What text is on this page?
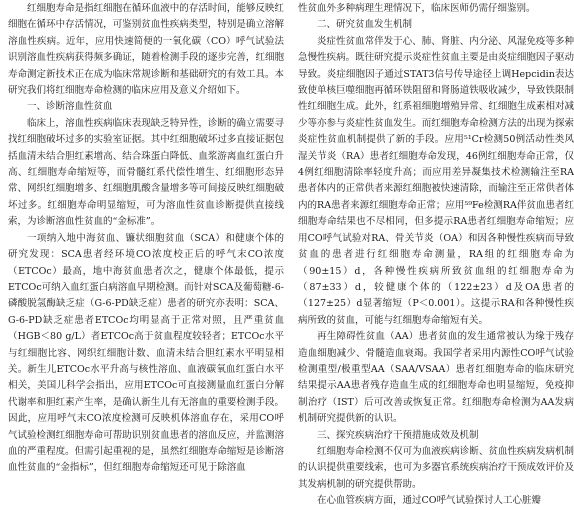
红细胞寿命是指红细胞在循环血液中的存活时间，能够反映红细胞在循环中存活情况，可鉴别贫血性疾病类型，特别是确立溶解溶血性疾病。近年，应用快速简便的一氧化碳（CO）呼气试验法识别溶血性疾病获得频多确证，随着检测手段的逐步完善，红细胞寿命测定新技术正在成为临床常规诊断和基础研究的有效工具。本研究我们将红细胞寿命检测的临床应用及意义介绍如下。

一、诊断溶血性贫血

临床上，溶血性疾病临床表现缺乏特异性，诊断的确立需要寻找红细胞破坏过多的实验室证据。其中红细胞破坏过多直接证据包括血清未结合胆红素增高、结合珠蛋白降低、血浆游离血红蛋白升高、红细胞寿命缩短等，而骨髓红系代偿性增生、红细胞形态异常、网织红细胞增多、红细胞肌酸含量增多等可间接反映红细胞破坏过多。红细胞寿命明显缩短，可为溶血性贫血诊断提供直接线索，为诊断溶血性贫血的“金标准”。

一项纳入地中海贫血、镰状细胞贫血（SCA）和健康个体的研究发现：SCA患者经环境CO浓度校正后的呼气末CO浓度（ETCOc）最高，地中海贫血患者次之，健康个体最低，提示ETCOc可纳入血红蛋白病溶血早期检测。而针对SCA及葡萄糖-6-磷酸脱氢酶缺乏症（G-6-PD缺乏症）患者的研究亦表明：SCA、G-6-PD缺乏症患者ETCOc均明显高于正常对照，且严重贫血（HGB＜80 g/L）者ETCOc高于贫血程度较轻者；ETCOc水平与红细胞比容、网织红细胞计数、血清未结合胆红素水平明显相关。新生儿ETCOc水平升高与核性溶血、血液碳氧血红蛋白水平相关，美国儿科学会指出，应用ETCOc可直接测量血红蛋白分解代谢率和胆红素产生率，是确认新生儿有无溶血的重要检测手段。因此，应用呼气末CO浓度检测可反映机体溶血存在，采用CO呼气试验检测红细胞寿命可帮助识别贫血患者的溶血反应，并监测溶血的严重程度。但需引起重视的是，虽然红细胞寿命缩短是诊断溶血性贫血的“金指标”，但红细胞寿命缩短还可见于除溶血

性贫血外多种病理生理情况下，临床医师仍需仔细鉴别。

二、研究贫血发生机制

炎症性贫血常伴发于心、肺、肾脏、内分泌、风湿免疫等多种急慢性疾病。既往研究提示炎症性贫血主要是由炎症细胞因子驱动导致。炎症细胞因子通过STAT3信号传导途径上调Hepcidin表达致使单核巨噬细胞再循环铁阻留和肾肠道铁吸收减少，导致铁限制性红细胞生成。此外，红系祖细胞增殖异常、红细胞生成素相对减少等亦参与炎症性贫血发生。而红细胞寿命检测方法的出现为探索炎症性贫血机制提供了新的手段。应用⁵¹Cr检测50例活动性类风湿关节炎（RA）患者红细胞寿命发现，46例红细胞寿命正常，仅4例红细胞清除率轻度升高；而应用差异凝集技术检测输注至RA患者体内的正常供者来源红细胞被快速清除，而输注至正常供者体内的RA患者来源红细胞寿命正常；应用⁵⁹Fe检测RA伴贫血患者红细胞寿命结果也不尽相同，但多提示RA患者红细胞寿命缩短；应用CO呼气试验对RA、骨关节炎（OA）和因各种慢性疾病而导致贫血的患者进行红细胞寿命测量，RA组的红细胞寿命为（90±15）d，各种慢性疾病所致贫血组的红细胞寿命为（87±33）d，较健康个体的（122±23）d及OA患者的（127±25）d显著缩短（P＜0.001）。这提示RA和各种慢性疾病所致的贫血，可能与红细胞寿命缩短有关。

再生障碍性贫血（AA）患者贫血的发生通常被认为缘于残存造血细胞减少、骨髓造血衰竭。我国学者采用内源性CO呼气试验检测重型/极重型AA（SAA/VSAA）患者红细胞寿命的临床研究结果提示AA患者残存造血生成的红细胞寿命也明显缩短，免疫抑制治疗（IST）后可改善或恢复正常。红细胞寿命检测为AA发病机制研究提供新的认识。

三、探究疾病治疗干预措施成效及机制

红细胞寿命检测不仅可为血液疾病诊断、贫血性疾病发病机制的认识提供重要线索，也可为多器官系统疾病治疗干预成效评价及其发病机制的研究提供帮助。

在心血管疾病方面，通过CO呼气试验探讨人工心脏瓣
